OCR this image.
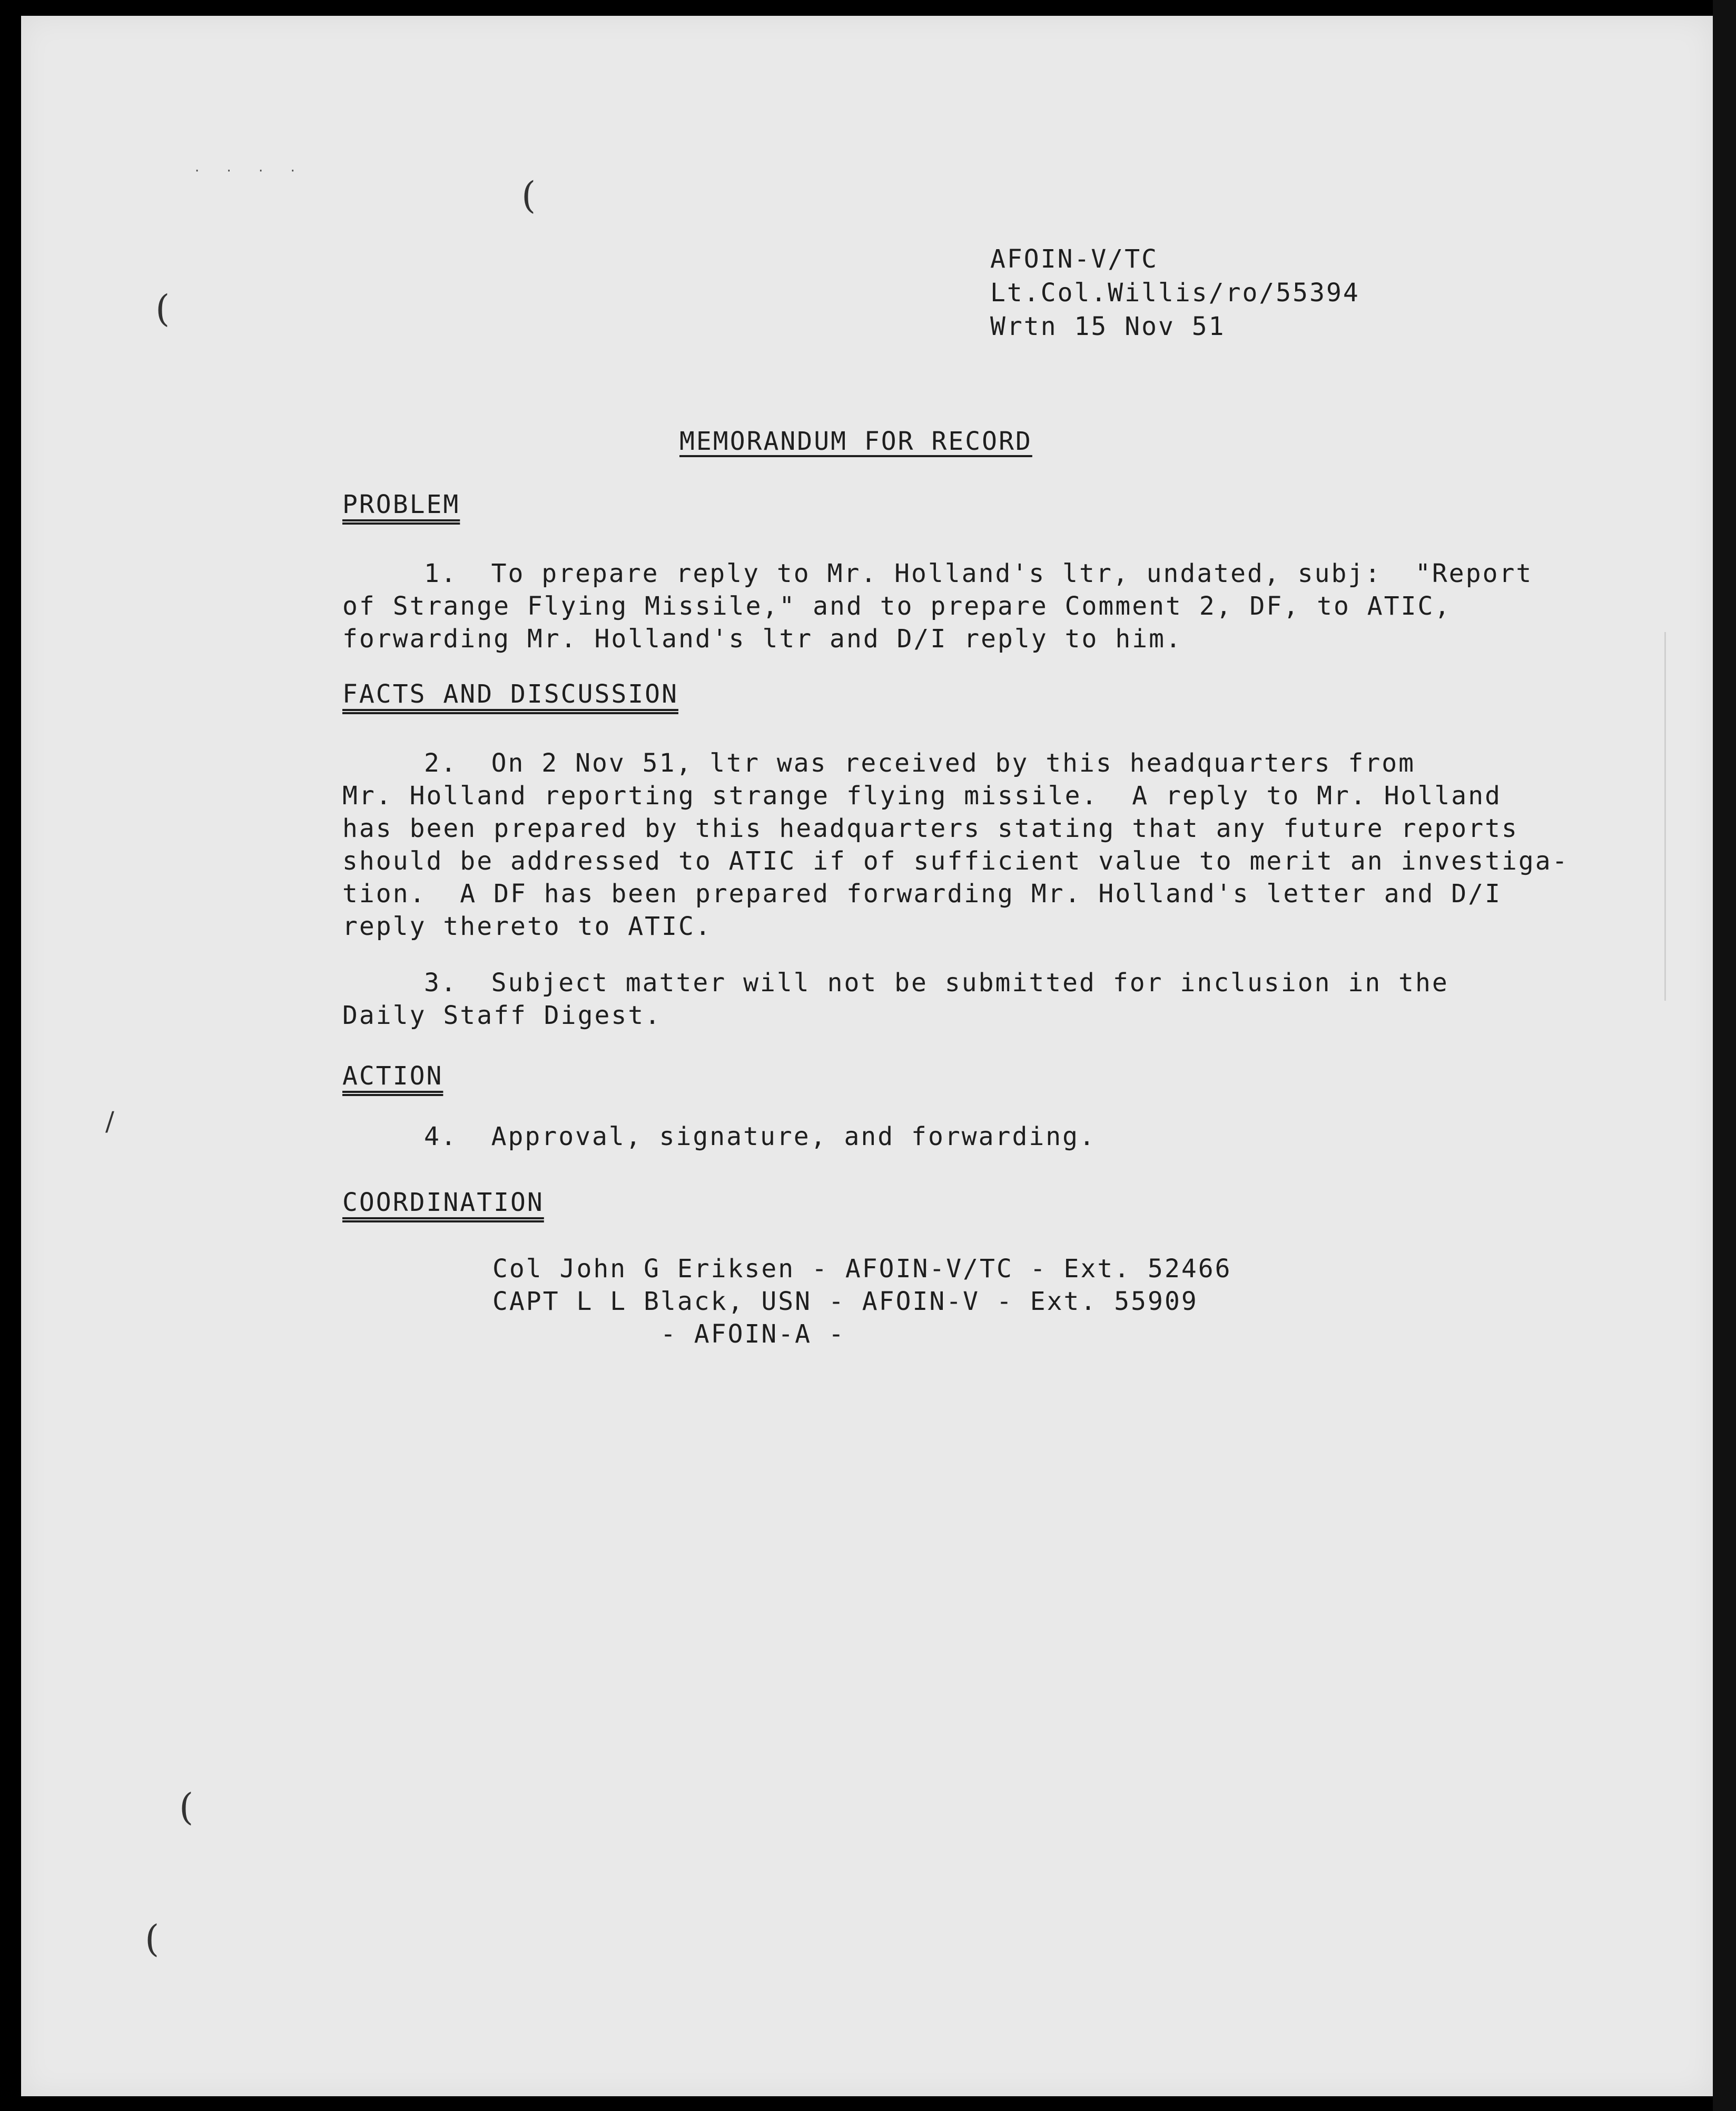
· · · ·
(
(
/
(
(
AFOIN-V/TC
Lt.Col.Willis/ro/55394
Wrtn 15 Nov 51
MEMORANDUM FOR RECORD
PROBLEM
1.  To prepare reply to Mr. Holland's ltr, undated, subj:  "Report
of Strange Flying Missile," and to prepare Comment 2, DF, to ATIC,
forwarding Mr. Holland's ltr and D/I reply to him.
FACTS AND DISCUSSION
2.  On 2 Nov 51, ltr was received by this headquarters from
Mr. Holland reporting strange flying missile.  A reply to Mr. Holland
has been prepared by this headquarters stating that any future reports
should be addressed to ATIC if of sufficient value to merit an investiga-
tion.  A DF has been prepared forwarding Mr. Holland's letter and D/I
reply thereto to ATIC.
3.  Subject matter will not be submitted for inclusion in the
Daily Staff Digest.
ACTION
4.  Approval, signature, and forwarding.
COORDINATION
Col John G Eriksen - AFOIN-V/TC - Ext. 52466
CAPT L L Black, USN - AFOIN-V - Ext. 55909
- AFOIN-A -
